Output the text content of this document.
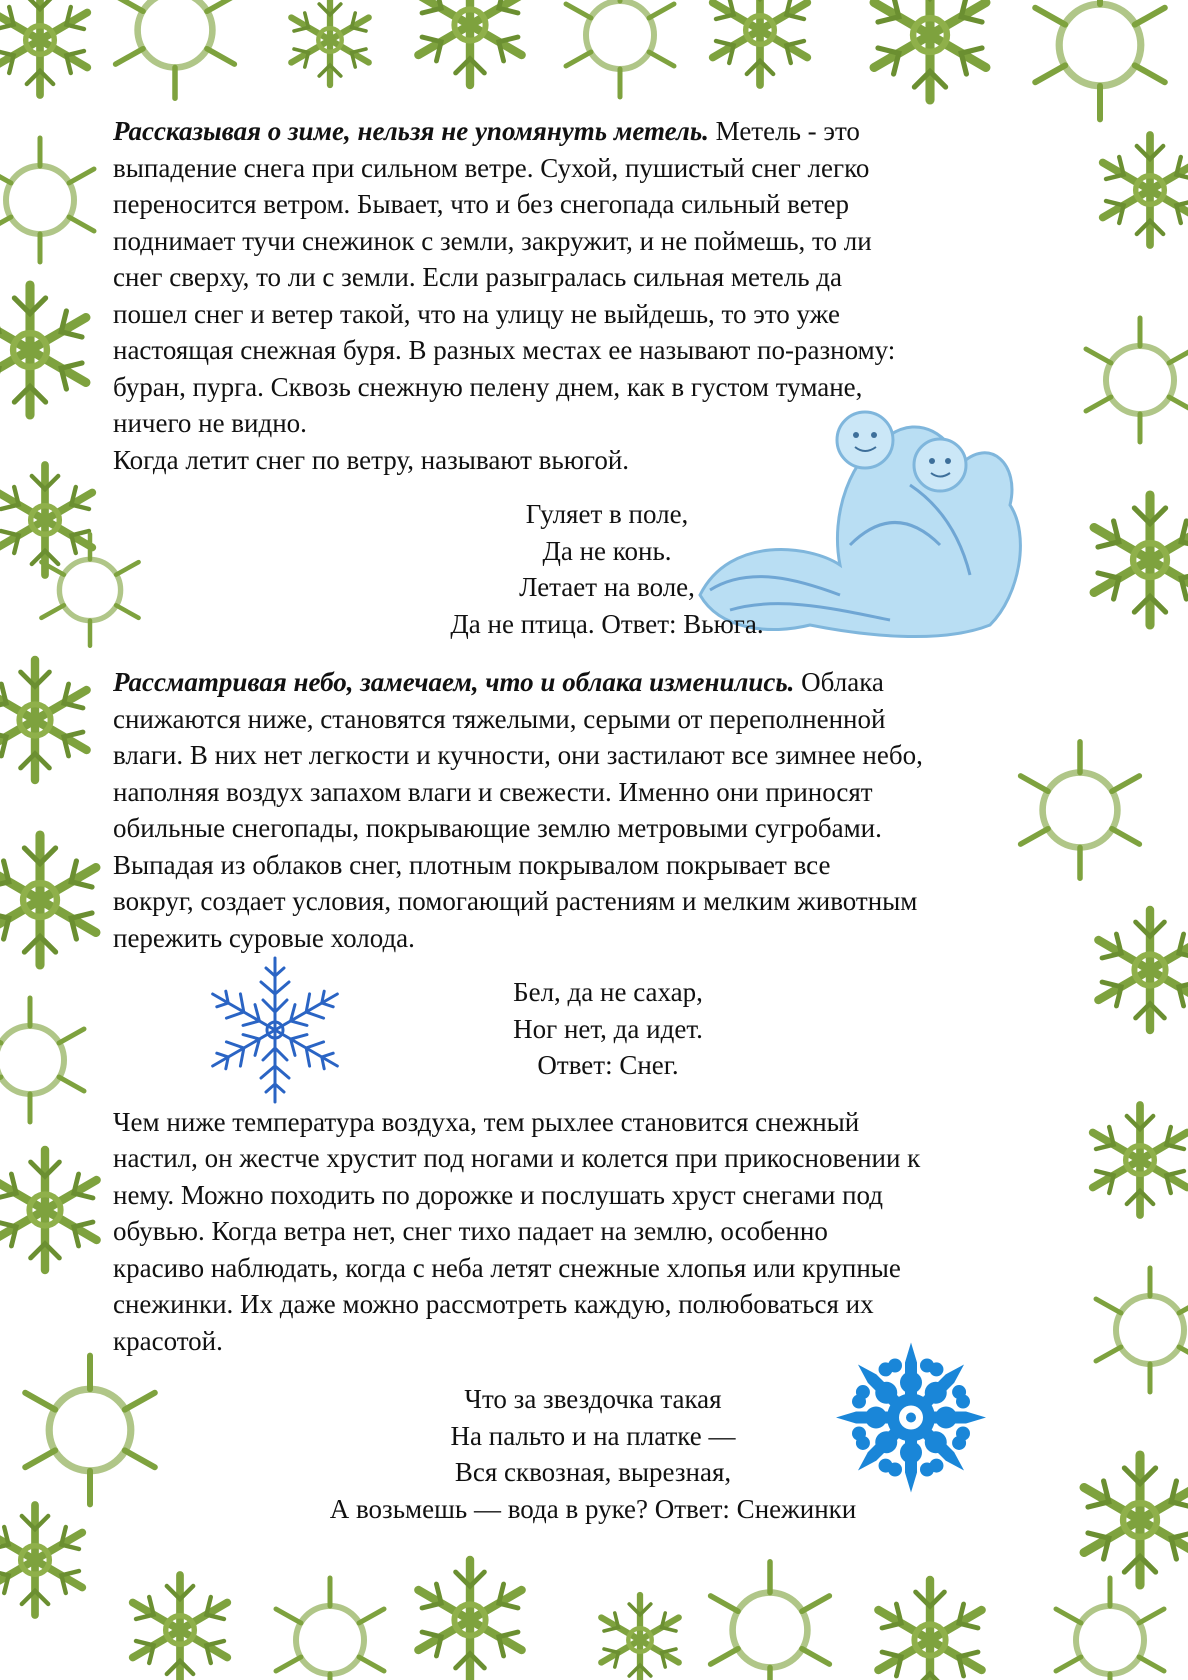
Рассказывая о зиме, нельзя не упомянуть метель. Метель - это
выпадение снега при сильном ветре. Сухой, пушистый снег легко
переносится ветром. Бывает, что и без снегопада сильный ветер
поднимает тучи снежинок с земли, закружит, и не поймешь, то ли
снег сверху, то ли с земли. Если разыгралась сильная метель да
пошел снег и ветер такой, что на улицу не выйдешь, то это уже
настоящая снежная буря. В разных местах ее называют по-разному:
буран, пурга. Сквозь снежную пелену днем, как в густом тумане,
ничего не видно.
Когда летит снег по ветру, называют вьюгой.

Гуляет в поле,
Да не конь.
Летает на воле,
Да не птица. Ответ: Вьюга.

Рассматривая небо, замечаем, что и облака изменились. Облака
снижаются ниже, становятся тяжелыми, серыми от переполненной
влаги. В них нет легкости и кучности, они застилают все зимнее небо,
наполняя воздух запахом влаги и свежести. Именно они приносят
обильные снегопады, покрывающие землю метровыми сугробами.
Выпадая из облаков снег, плотным покрывалом покрывает все
вокруг, создает условия, помогающий растениям и мелким животным
пережить суровые холода.

Бел, да не сахар,
Ног нет, да идет.
Ответ: Снег.

Чем ниже температура воздуха, тем рыхлее становится снежный
настил, он жестче хрустит под ногами и колется при прикосновении к
нему. Можно походить по дорожке и послушать хруст снегами под
обувью. Когда ветра нет, снег тихо падает на землю, особенно
красиво наблюдать, когда с неба летят снежные хлопья или крупные
снежинки. Их даже можно рассмотреть каждую, полюбоваться их
красотой.

Что за звездочка такая
На пальто и на платке —
Вся сквозная, вырезная,
А возьмешь — вода в руке? Ответ: Снежинки
